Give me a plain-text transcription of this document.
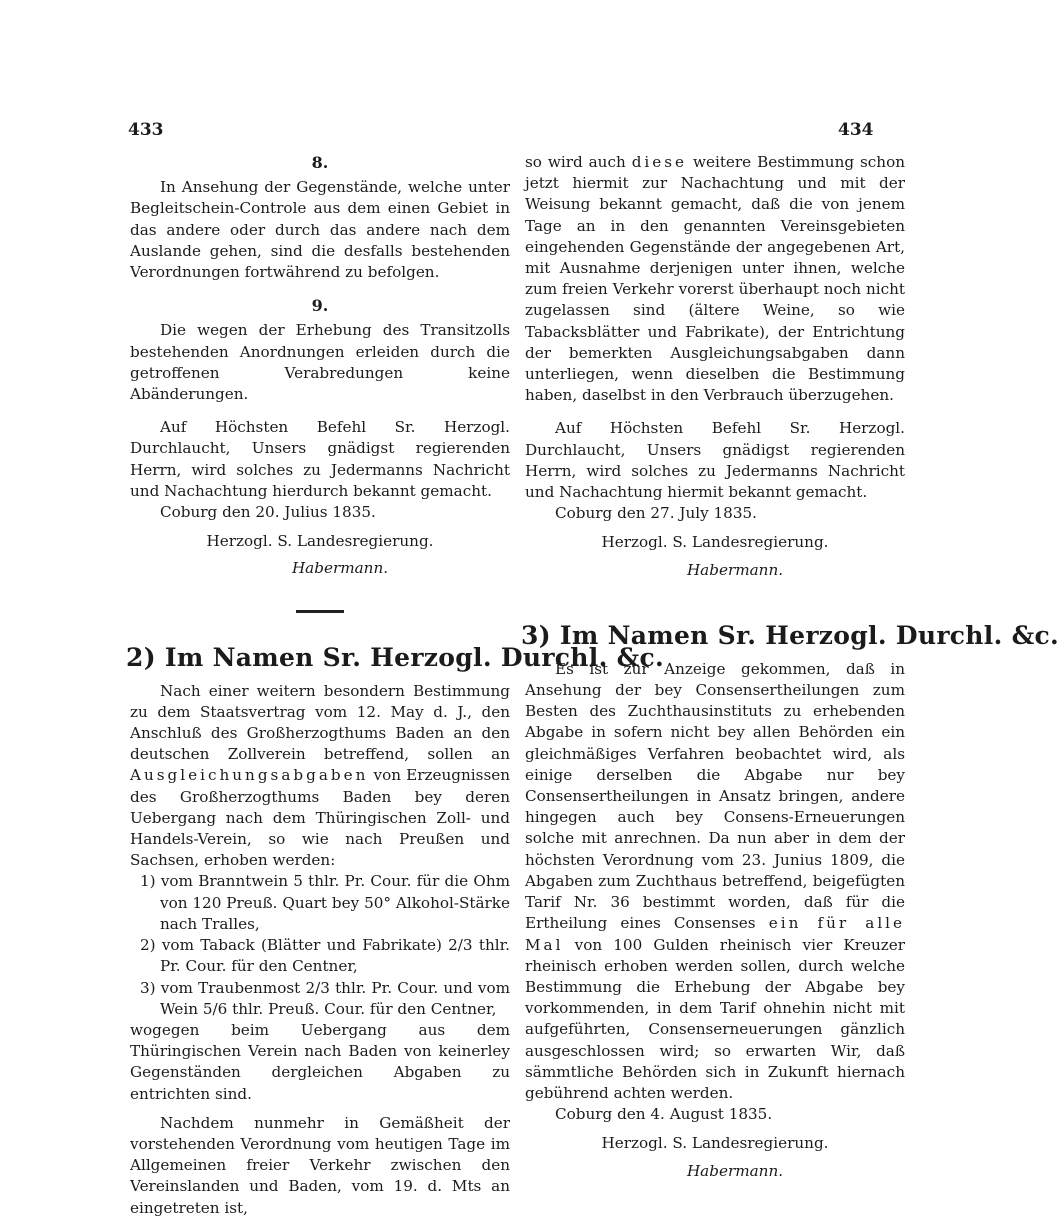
433	434
8.

In Ansehung der Gegenstände, welche unter Begleitschein-Controle aus dem einen Gebiet in das andere oder durch das andere nach dem Auslande gehen, sind die desfalls bestehenden Verordnungen fortwährend zu befolgen.

9.

Die wegen der Erhebung des Transitzolls bestehenden Anordnungen erleiden durch die getroffenen Verabredungen keine Abänderungen.

Auf Höchsten Befehl Sr. Herzogl. Durchlaucht, Unsers gnädigst regierenden Herrn, wird solches zu Jedermanns Nachricht und Nachachtung hierdurch bekannt gemacht.

Coburg den 20. Julius 1835.

Herzogl. S. Landesregierung.
Habermann.
2) Im Namen Sr. Herzogl. Durchl. &c.

Nach einer weitern besondern Bestimmung zu dem Staatsvertrag vom 12. May d. J., den Anschluß des Großherzogthums Baden an den deutschen Zollverein betreffend, sollen an Ausgleichungsabgaben von Erzeugnissen des Großherzogthums Baden bey deren Uebergang nach dem Thüringischen Zoll- und Handels-Verein, so wie nach Preußen und Sachsen, erhoben werden:

1) vom Branntwein 5 thlr. Pr. Cour. für die Ohm von 120 Preuß. Quart bey 50° Alkohol-Stärke nach Tralles,
2) vom Taback (Blätter und Fabrikate) 2/3 thlr. Pr. Cour. für den Centner,
3) vom Traubenmost 2/3 thlr. Pr. Cour. und vom Wein 5/6 thlr. Preuß. Cour. für den Centner,

wogegen beim Uebergang aus dem Thüringischen Verein nach Baden von keinerley Gegenständen dergleichen Abgaben zu entrichten sind.

Nachdem nunmehr in Gemäßheit der vorstehenden Verordnung vom heutigen Tage im Allgemeinen freier Verkehr zwischen den Vereinslanden und Baden, vom 19. d. Mts an eingetreten ist,

so wird auch diese weitere Bestimmung schon jetzt hiermit zur Nachachtung und mit der Weisung bekannt gemacht, daß die von jenem Tage an in den genannten Vereinsgebieten eingehenden Gegenstände der angegebenen Art, mit Ausnahme derjenigen unter ihnen, welche zum freien Verkehr vorerst überhaupt noch nicht zugelassen sind (ältere Weine, so wie Tabacksblätter und Fabrikate), der Entrichtung der bemerkten Ausgleichungsabgaben dann unterliegen, wenn dieselben die Bestimmung haben, daselbst in den Verbrauch überzugehen.

Auf Höchsten Befehl Sr. Herzogl. Durchlaucht, Unsers gnädigst regierenden Herrn, wird solches zu Jedermanns Nachricht und Nachachtung hiermit bekannt gemacht.

Coburg den 27. July 1835.

Herzogl. S. Landesregierung.
Habermann.
3) Im Namen Sr. Herzogl. Durchl. &c.

Es ist zur Anzeige gekommen, daß in Ansehung der bey Consensertheilungen zum Besten des Zuchthausinstituts zu erhebenden Abgabe in sofern nicht bey allen Behörden ein gleichmäßiges Verfahren beobachtet wird, als einige derselben die Abgabe nur bey Consensertheilungen in Ansatz bringen, andere hingegen auch bey Consens-Erneuerungen solche mit anrechnen. Da nun aber in dem der höchsten Verordnung vom 23. Junius 1809, die Abgaben zum Zuchthaus betreffend, beigefügten Tarif Nr. 36 bestimmt worden, daß für die Ertheilung eines Consenses ein für alle Mal von 100 Gulden rheinisch vier Kreuzer rheinisch erhoben werden sollen, durch welche Bestimmung die Erhebung der Abgabe bey vorkommenden, in dem Tarif ohnehin nicht mit aufgeführten, Consenserneuerungen gänzlich ausgeschlossen wird; so erwarten Wir, daß sämmtliche Behörden sich in Zukunft hiernach gebührend achten werden.

Coburg den 4. August 1835.

Herzogl. S. Landesregierung.
Habermann.
